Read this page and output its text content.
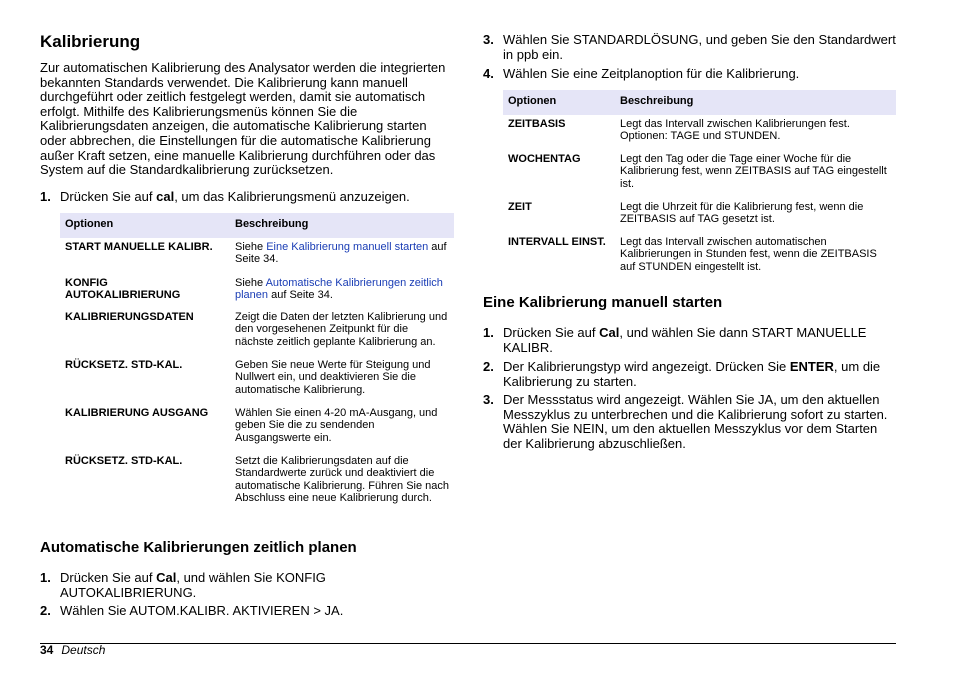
Kalibrierung

Zur automatischen Kalibrierung des Analysator werden die integrierten bekannten Standards verwendet. Die Kalibrierung kann manuell durchgeführt oder zeitlich festgelegt werden, damit sie automatisch erfolgt. Mithilfe des Kalibrierungsmenüs können Sie die Kalibrierungsdaten anzeigen, die automatische Kalibrierung starten oder abbrechen, die Einstellungen für die automatische Kalibrierung außer Kraft setzen, eine manuelle Kalibrierung durchführen oder das System auf die Standardkalibrierung zurücksetzen.

1. Drücken Sie auf cal, um das Kalibrierungsmenü anzuzeigen.
Optionen	Beschreibung
START MANUELLE KALIBR.	Siehe Eine Kalibrierung manuell starten auf Seite 34.
KONFIG AUTOKALIBRIERUNG	Siehe Automatische Kalibrierungen zeitlich planen auf Seite 34.
KALIBRIERUNGSDATEN	Zeigt die Daten der letzten Kalibrierung und den vorgesehenen Zeitpunkt für die nächste zeitlich geplante Kalibrierung an.
RÜCKSETZ. STD-KAL.	Geben Sie neue Werte für Steigung und Nullwert ein, und deaktivieren Sie die automatische Kalibrierung.
KALIBRIERUNG AUSGANG	Wählen Sie einen 4-20 mA-Ausgang, und geben Sie die zu sendenden Ausgangswerte ein.
RÜCKSETZ. STD-KAL.	Setzt die Kalibrierungsdaten auf die Standardwerte zurück und deaktiviert die automatische Kalibrierung. Führen Sie nach Abschluss eine neue Kalibrierung durch.
Automatische Kalibrierungen zeitlich planen
1. Drücken Sie auf Cal, und wählen Sie KONFIG AUTOKALIBRIERUNG.
2. Wählen Sie AUTOM.KALIBR. AKTIVIEREN > JA.
3. Wählen Sie STANDARDLÖSUNG, und geben Sie den Standardwert in ppb ein.
4. Wählen Sie eine Zeitplanoption für die Kalibrierung.
Optionen	Beschreibung
ZEITBASIS	Legt das Intervall zwischen Kalibrierungen fest. Optionen: TAGE und STUNDEN.
WOCHENTAG	Legt den Tag oder die Tage einer Woche für die Kalibrierung fest, wenn ZEITBASIS auf TAG eingestellt ist.
ZEIT	Legt die Uhrzeit für die Kalibrierung fest, wenn die ZEITBASIS auf TAG gesetzt ist.
INTERVALL EINST.	Legt das Intervall zwischen automatischen Kalibrierungen in Stunden fest, wenn die ZEITBASIS auf STUNDEN eingestellt ist.
Eine Kalibrierung manuell starten
1. Drücken Sie auf Cal, und wählen Sie dann START MANUELLE KALIBR.
2. Der Kalibrierungstyp wird angezeigt. Drücken Sie ENTER, um die Kalibrierung zu starten.
3. Der Messstatus wird angezeigt. Wählen Sie JA, um den aktuellen Messzyklus zu unterbrechen und die Kalibrierung sofort zu starten. Wählen Sie NEIN, um den aktuellen Messzyklus vor dem Starten der Kalibrierung abzuschließen.
34 Deutsch
